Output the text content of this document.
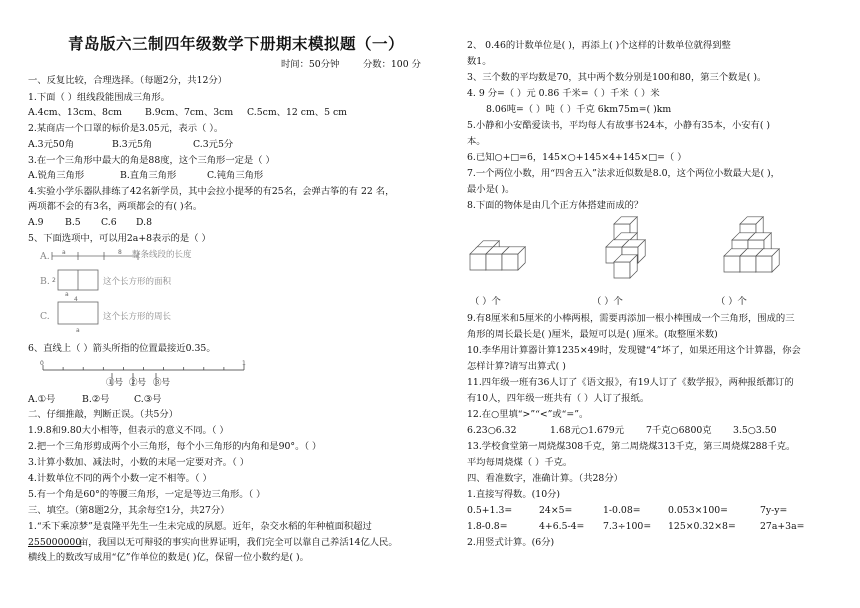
青岛版六三制四年级数学下册期末模拟题（一）
时间：50分钟	分数：100 分
一、反复比较，合理选择。（每题2分，共12分）
1.下面（ ）组线段能围成三角形。
A.4cm、13cm、8cm B.9cm、7cm、3cm C.5cm、12 cm、5 cm
2.某商店一个口罩的标价是3.05元，表示（ ）。
A.3元50角	B.3元5角	C.3元5分
3.在一个三角形中最大的角是88度，这个三角形一定是（ ）
A.锐角三角形	B.直角三角形	C.钝角三角形
4.实验小学乐器队排练了42名新学员，其中会拉小提琴的有25名，会弹古筝的有 22 名，
两项都不会的有3名，两项都会的有( )名。
A.9 B.5 C.6 D.8
5、下面选项中，可以用2a+8表示的是（ ）
A. a	8 整条线段的长度
B.
a
2	这个长方形的面积
C.
4
a
这个长方形的周长
6、直线上（ ）箭头所指的位置最接近0.35。
0	1
①号 ②号 ③号
A.①号	B.②号	C.③号
二、仔细推敲，判断正误。（共5分）
1.9.8和9.80大小相等，但表示的意义不同。（ ）
2.把一个三角形剪成两个小三角形，每个小三角形的内角和是90°。（ ）
3.计算小数加、减法时，小数的末尾一定要对齐。（ ）
4.计数单位不同的两个小数一定不相等。（ ）
5.有一个角是60°的等腰三角形，一定是等边三角形。（ ）
三、填空。（第8题2分，其余每空1分，共27分）
1.“禾下乘凉梦”是袁隆平先生一生未完成的夙愿。近年，杂交水稻的年种植面积超过
255000000
亩，我国以无可辩驳的事实向世界证明，我们完全可以靠自己养活14亿人民。
横线上的数改写成用“亿”作单位的数是( )亿，保留一位小数约是( )。
2、 0.46的计数单位是( )，再添上( )个这样的计数单位就得到整
数1。
3、三个数的平均数是70，其中两个数分别是100和80，第三个数是( )。
4. 9 分=（ ）元 0.86 千米=（ ）千米（ ）米
8.06吨=（ ）吨（ ）千克 6km75m=( )km
5.小静和小安酷爱读书，平均每人有故事书24本，小静有35本，小安有( )
本。
6.已知○+□=6，145×○+145×4+145×□=（ ）
7.一个两位小数，用“四舍五入”法求近似数是8.0，这个两位小数最大是( )，
最小是( )。
8.下面的物体是由几个正方体搭建而成的？
（ ）个	（ ）个	（ ）个
9.有8厘米和5厘米的小棒两根，需要再添加一根小棒围成一个三角形，围成的三
角形的周长最长是( )厘米，最短可以是( )厘米。(取整厘米数)
10.李华用计算器计算1235×49时，发现键“4”坏了，如果还用这个计算器，你会
怎样计算?请写出算式( )
11.四年级一班有36人订了《语文报》，有19人订了《数学报》，两种报纸都订的
有10人，四年级一班共有（ ）人订了报纸。
12.在○里填“>”“<”或“=”。
6.23○6.32	1.68元○1.679元 7千克○6800克 3.5○3.50
13.学校食堂第一周烧煤308千克，第二周烧煤313千克，第三周烧煤288千克。
平均每周烧煤（ ）千克。
四、看准数字，准确计算。（共28分）
1.直接写得数。(10分)
0.5+1.3=	24×5=	1-0.08=	0.053×100=	7y-y=
1.8-0.8=	4+6.5-4= 7.3÷100= 125×0.32×8=	27a+3a=
2.用竖式计算。(6分)
